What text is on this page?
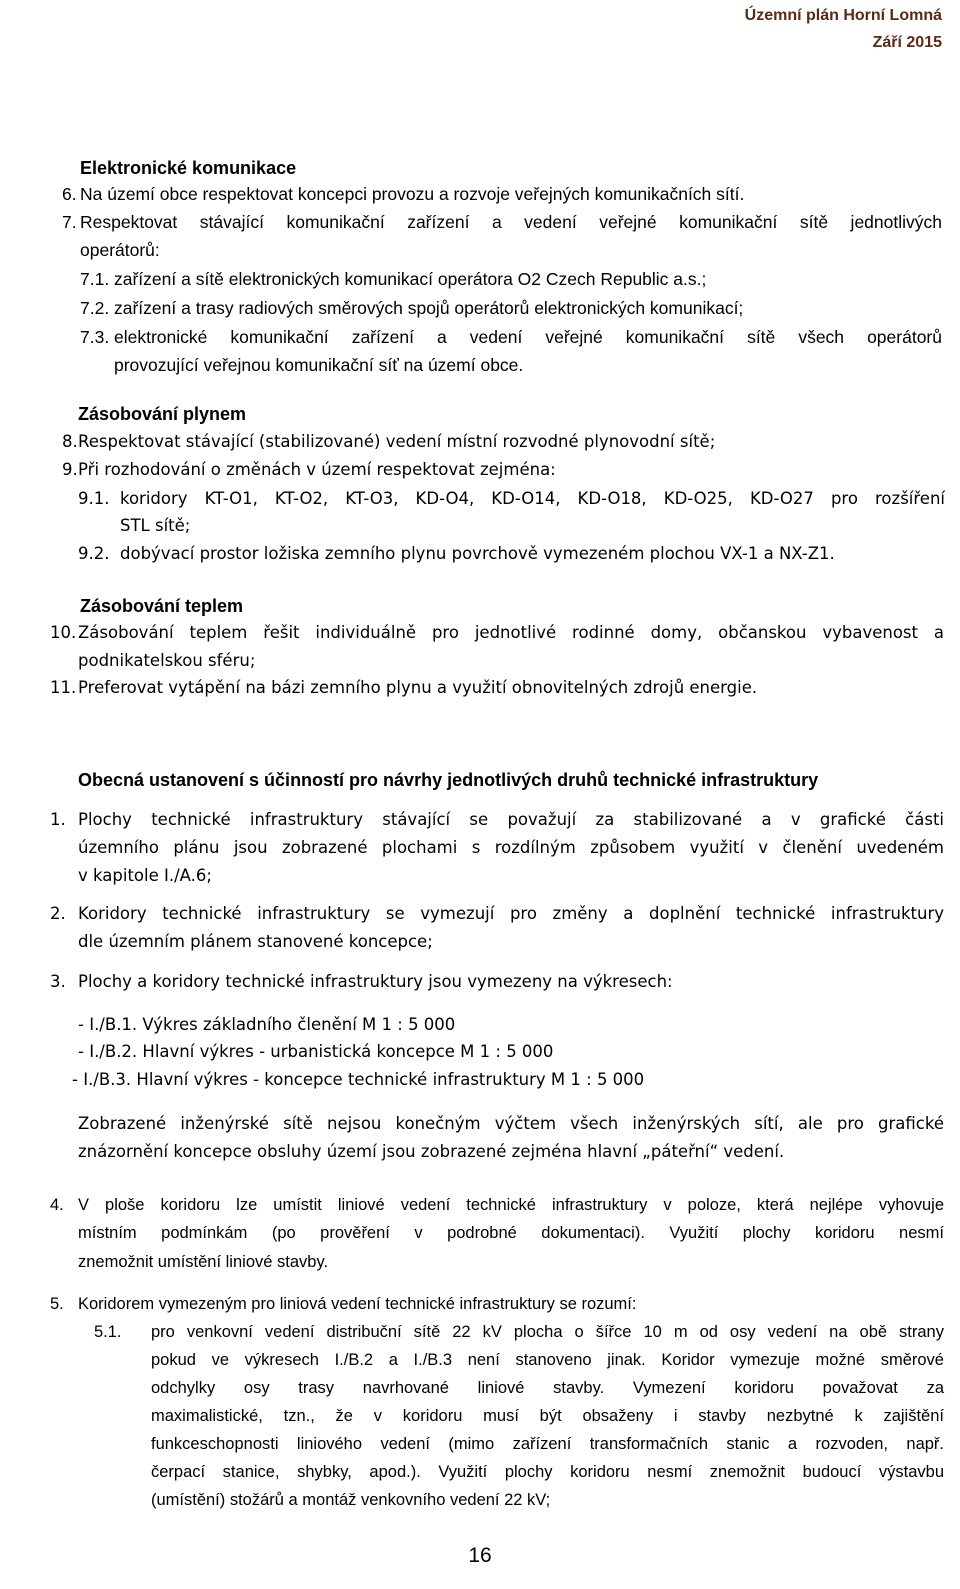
Územní plán Horní Lomná
Září 2015
Elektronické komunikace
6. Na území obce respektovat koncepci provozu a rozvoje veřejných komunikačních sítí.
7. Respektovat stávající komunikační zařízení a vedení veřejné komunikační sítě jednotlivých
operátorů:
7.1. zařízení a sítě elektronických komunikací operátora O2 Czech Republic a.s.;
7.2. zařízení a trasy radiových směrových spojů operátorů elektronických komunikací;
7.3. elektronické komunikační zařízení a vedení veřejné komunikační sítě všech operátorů
provozující veřejnou komunikační síť na území obce.
Zásobování plynem
8. Respektovat stávající (stabilizované) vedení místní rozvodné plynovodní sítě;
9. Při rozhodování o změnách v území respektovat zejména:
9.1. koridory KT-O1, KT-O2, KT-O3, KD-O4, KD-O14, KD-O18, KD-O25, KD-O27 pro rozšíření
STL sítě;
9.2. dobývací prostor ložiska zemního plynu povrchově vymezeném plochou VX-1 a NX-Z1.
Zásobování teplem
10. Zásobování teplem řešit individuálně pro jednotlivé rodinné domy, občanskou vybavenost a
podnikatelskou sféru;
11. Preferovat vytápění na bázi zemního plynu a využití obnovitelných zdrojů energie.
Obecná ustanovení s účinností pro návrhy jednotlivých druhů technické infrastruktury
1. Plochy technické infrastruktury stávající se považují za stabilizované a v grafické části
územního plánu jsou zobrazené plochami s rozdílným způsobem využití v členění uvedeném
v kapitole I./A.6;
2. Koridory technické infrastruktury se vymezují pro změny a doplnění technické infrastruktury
dle územním plánem stanovené koncepce;
3. Plochy a koridory technické infrastruktury jsou vymezeny na výkresech:
- I./B.1. Výkres základního členění M 1 : 5 000
- I./B.2. Hlavní výkres - urbanistická koncepce M 1 : 5 000
- I./B.3. Hlavní výkres - koncepce technické infrastruktury M 1 : 5 000
Zobrazené inženýrské sítě nejsou konečným výčtem všech inženýrských sítí, ale pro grafické
znázornění koncepce obsluhy území jsou zobrazené zejména hlavní „páteřní“ vedení.
4. V ploše koridoru lze umístit liniové vedení technické infrastruktury v poloze, která nejlépe vyhovuje
místním podmínkám (po prověření v podrobné dokumentaci). Využití plochy koridoru nesmí
znemožnit umístění liniové stavby.
5. Koridorem vymezeným pro liniová vedení technické infrastruktury se rozumí:
5.1. pro venkovní vedení distribuční sítě 22 kV plocha o šířce 10 m od osy vedení na obě strany
pokud ve výkresech I./B.2 a I./B.3 není stanoveno jinak. Koridor vymezuje možné směrové
odchylky osy trasy navrhované liniové stavby. Vymezení koridoru považovat za
maximalistické, tzn., že v koridoru musí být obsaženy i stavby nezbytné k zajištění
funkceschopnosti liniového vedení (mimo zařízení transformačních stanic a rozvoden, např.
čerpací stanice, shybky, apod.). Využití plochy koridoru nesmí znemožnit budoucí výstavbu
(umístění) stožárů a montáž venkovního vedení 22 kV;
16
